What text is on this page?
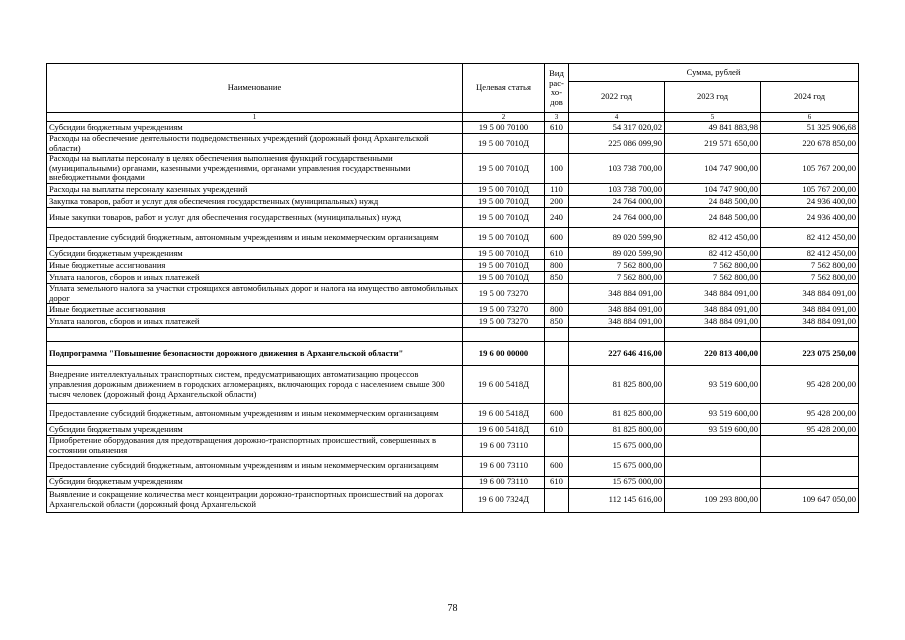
Наименование	Целевая статья	Вид рас-хо-дов	Сумма, рублей		
			2022 год	2023 год	2024 год
1	2	3	4	5	6
Субсидии бюджетным учреждениям	19 5 00 70100	610	54 317 020,02	49 841 883,98	51 325 906,68
Расходы на обеспечение деятельности подведомственных учреждений (дорожный фонд Архангельской области)	19 5 00 7010Д		225 086 099,90	219 571 650,00	220 678 850,00
Расходы на выплаты персоналу в целях обеспечения выполнения функций государственными (муниципальными) органами, казенными учреждениями, органами управления государственными внебюджетными фондами	19 5 00 7010Д	100	103 738 700,00	104 747 900,00	105 767 200,00
Расходы на выплаты персоналу казенных учреждений	19 5 00 7010Д	110	103 738 700,00	104 747 900,00	105 767 200,00
Закупка товаров, работ и услуг для обеспечения государственных (муниципальных) нужд	19 5 00 7010Д	200	24 764 000,00	24 848 500,00	24 936 400,00
Иные закупки товаров, работ и услуг для обеспечения государственных (муниципальных) нужд	19 5 00 7010Д	240	24 764 000,00	24 848 500,00	24 936 400,00
Предоставление субсидий бюджетным, автономным учреждениям и иным некоммерческим организациям	19 5 00 7010Д	600	89 020 599,90	82 412 450,00	82 412 450,00
Субсидии бюджетным учреждениям	19 5 00 7010Д	610	89 020 599,90	82 412 450,00	82 412 450,00
Иные бюджетные ассигнования	19 5 00 7010Д	800	7 562 800,00	7 562 800,00	7 562 800,00
Уплата налогов, сборов и иных платежей	19 5 00 7010Д	850	7 562 800,00	7 562 800,00	7 562 800,00
Уплата земельного налога за участки строящихся автомобильных дорог и налога на имущество автомобильных дорог	19 5 00 73270		348 884 091,00	348 884 091,00	348 884 091,00
Иные бюджетные ассигнования	19 5 00 73270	800	348 884 091,00	348 884 091,00	348 884 091,00
Уплата налогов, сборов и иных платежей	19 5 00 73270	850	348 884 091,00	348 884 091,00	348 884 091,00

Подпрограмма "Повышение безопасности дорожного движения в Архангельской области"	19 6 00 00000		227 646 416,00	220 813 400,00	223 075 250,00
Внедрение интеллектуальных транспортных систем, предусматривающих автоматизацию процессов управления дорожным движением в городских агломерациях, включающих города с населением свыше 300 тысяч человек (дорожный фонд Архангельской области)	19 6 00 5418Д		81 825 800,00	93 519 600,00	95 428 200,00
Предоставление субсидий бюджетным, автономным учреждениям и иным некоммерческим организациям	19 6 00 5418Д	600	81 825 800,00	93 519 600,00	95 428 200,00
Субсидии бюджетным учреждениям	19 6 00 5418Д	610	81 825 800,00	93 519 600,00	95 428 200,00
Приобретение оборудования для предотвращения дорожно-транспортных происшествий, совершенных в состоянии опьянения	19 6 00 73110		15 675 000,00		
Предоставление субсидий бюджетным, автономным учреждениям и иным некоммерческим организациям	19 6 00 73110	600	15 675 000,00		
Субсидии бюджетным учреждениям	19 6 00 73110	610	15 675 000,00		
Выявление и сокращение количества мест концентрации дорожно-транспортных происшествий на дорогах Архангельской области (дорожный фонд Архангельской	19 6 00 7324Д		112 145 616,00	109 293 800,00	109 647 050,00
78
